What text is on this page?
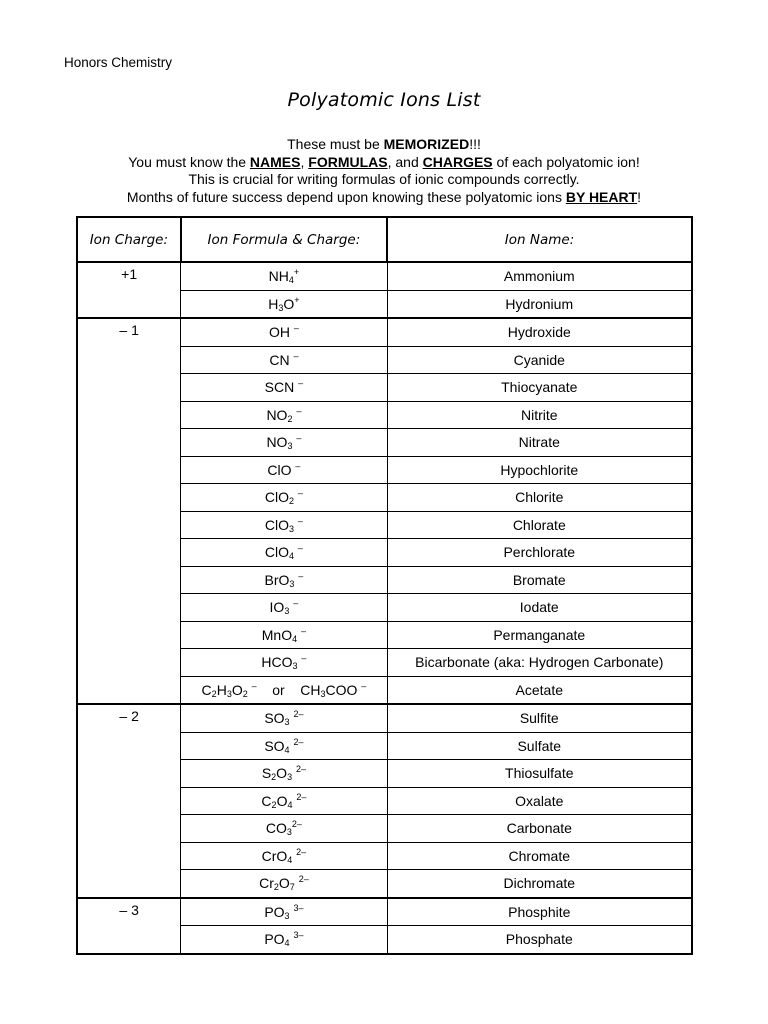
Honors Chemistry
Polyatomic Ions List
These must be MEMORIZED!!!
You must know the NAMES, FORMULAS, and CHARGES of each polyatomic ion!
This is crucial for writing formulas of ionic compounds correctly.
Months of future success depend upon knowing these polyatomic ions BY HEART!
Ion Charge:	Ion Formula & Charge:	Ion Name:
+1	$NH_4^+$	Ammonium
	$H_3O^+$	Hydronium
– 1	OH –	Hydroxide
	CN –	Cyanide
	SCN –	Thiocyanate
	$NO_2$ –	Nitrite
	$NO_3$ –	Nitrate
	ClO –	Hypochlorite
	ClO$_2$ –	Chlorite
	ClO$_3$ –	Chlorate
	ClO$_4$ –	Perchlorate
	BrO$_3$ –	Bromate
	$IO_3$ –	Iodate
	MnO$_4$ –	Permanganate
	$HCO_3$ –	Bicarbonate (aka: Hydrogen Carbonate)
	$C_2H_3O_2$ –    or    $CH_3COO$ –	Acetate
– 2	$SO_3$ $^{2-}$	Sulfite
	$SO_4$ $^{2-}$	Sulfate
	$S_2O_3$ $^{2-}$	Thiosulfate
	$C_2O_4$ $^{2-}$	Oxalate
	$CO_3^{2-}$	Carbonate
	CrO$_4$ $^{2-}$	Chromate
	$Cr_2O_7$ $^{2-}$	Dichromate
– 3	$PO_3$ $^{3-}$	Phosphite
	$PO_4$ $^{3-}$	Phosphate
